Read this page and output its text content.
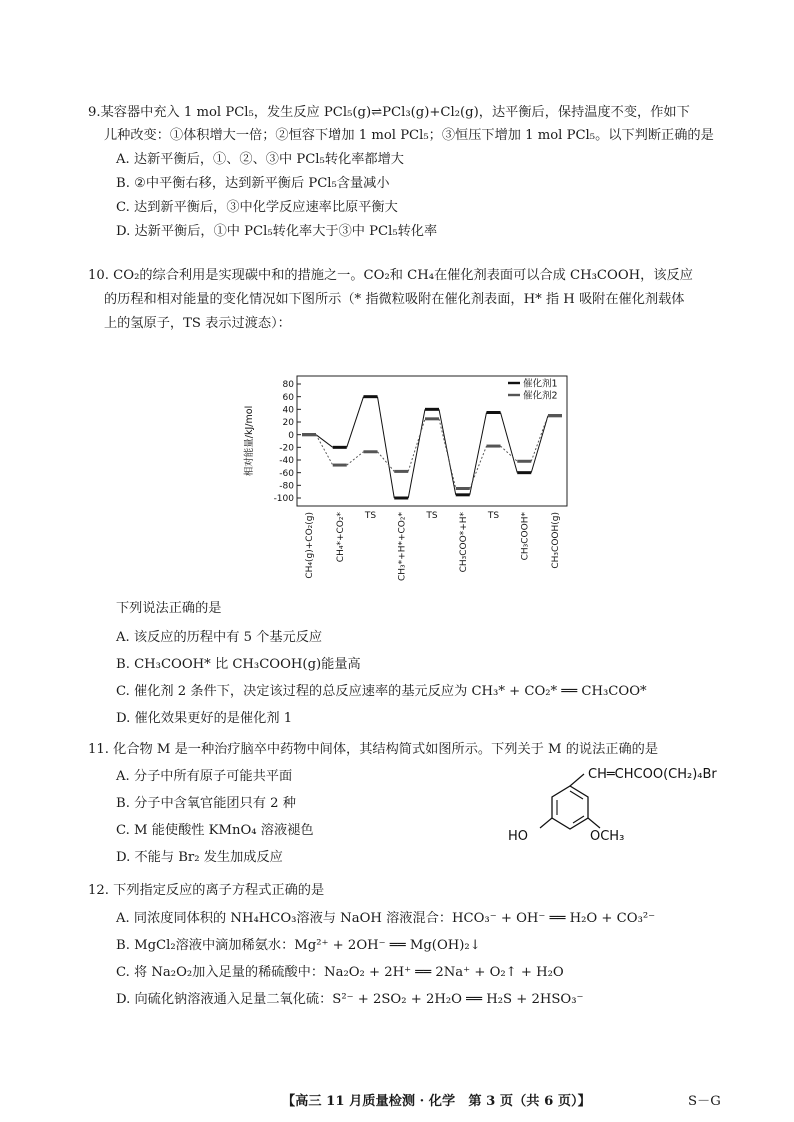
9.某容器中充入 1 mol PCl₅，发生反应 PCl₅(g)⇌PCl₃(g)+Cl₂(g)，达平衡后，保持温度不变，作如下
儿种改变：①体积增大一倍；②恒容下增加 1 mol PCl₅；③恒压下增加 1 mol PCl₅。以下判断正确的是
A. 达新平衡后，①、②、③中 PCl₅转化率都增大
B. ②中平衡右移，达到新平衡后 PCl₅含量减小
C. 达到新平衡后，③中化学反应速率比原平衡大
D. 达新平衡后，①中 PCl₅转化率大于③中 PCl₅转化率
10. CO₂的综合利用是实现碳中和的措施之一。CO₂和 CH₄在催化剂表面可以合成 CH₃COOH，该反应
的历程和相对能量的变化情况如下图所示（* 指微粒吸附在催化剂表面，H* 指 H 吸附在催化剂载体
上的氢原子，TS 表示过渡态）：
相对能量/kJ/mol
80
60
40
20
0
-20
-40
-60
-80
-100
CH₄(g)+CO₂(g) CH₄*+CO₂* TS CH₃*+H*+CO₂* TS CH₃COO*+H* TS CH₃COOH* CH₃COOH(g)
催化剂1
催化剂2
下列说法正确的是
A. 该反应的历程中有 5 个基元反应
B. CH₃COOH* 比 CH₃COOH(g)能量高
C. 催化剂 2 条件下，决定该过程的总反应速率的基元反应为 CH₃* + CO₂* ══ CH₃COO*
D. 催化效果更好的是催化剂 1
11. 化合物 M 是一种治疗脑卒中药物中间体，其结构简式如图所示。下列关于 M 的说法正确的是
A. 分子中所有原子可能共平面
B. 分子中含氧官能团只有 2 种
C. M 能使酸性 KMnO₄ 溶液褪色
D. 不能与 Br₂ 发生加成反应
CH═CHCOO(CH₂)₄Br
HO	OCH₃
12. 下列指定反应的离子方程式正确的是
A. 同浓度同体积的 NH₄HCO₃溶液与 NaOH 溶液混合：HCO₃⁻ + OH⁻ ══ H₂O + CO₃²⁻
B. MgCl₂溶液中滴加稀氨水：Mg²⁺ + 2OH⁻ ══ Mg(OH)₂↓
C. 将 Na₂O₂加入足量的稀硫酸中：Na₂O₂ + 2H⁺ ══ 2Na⁺ + O₂↑ + H₂O
D. 向硫化钠溶液通入足量二氧化硫：S²⁻ + 2SO₂ + 2H₂O ══ H₂S + 2HSO₃⁻
【高三 11 月质量检测 · 化学　第 3 页（共 6 页）】	S－G
